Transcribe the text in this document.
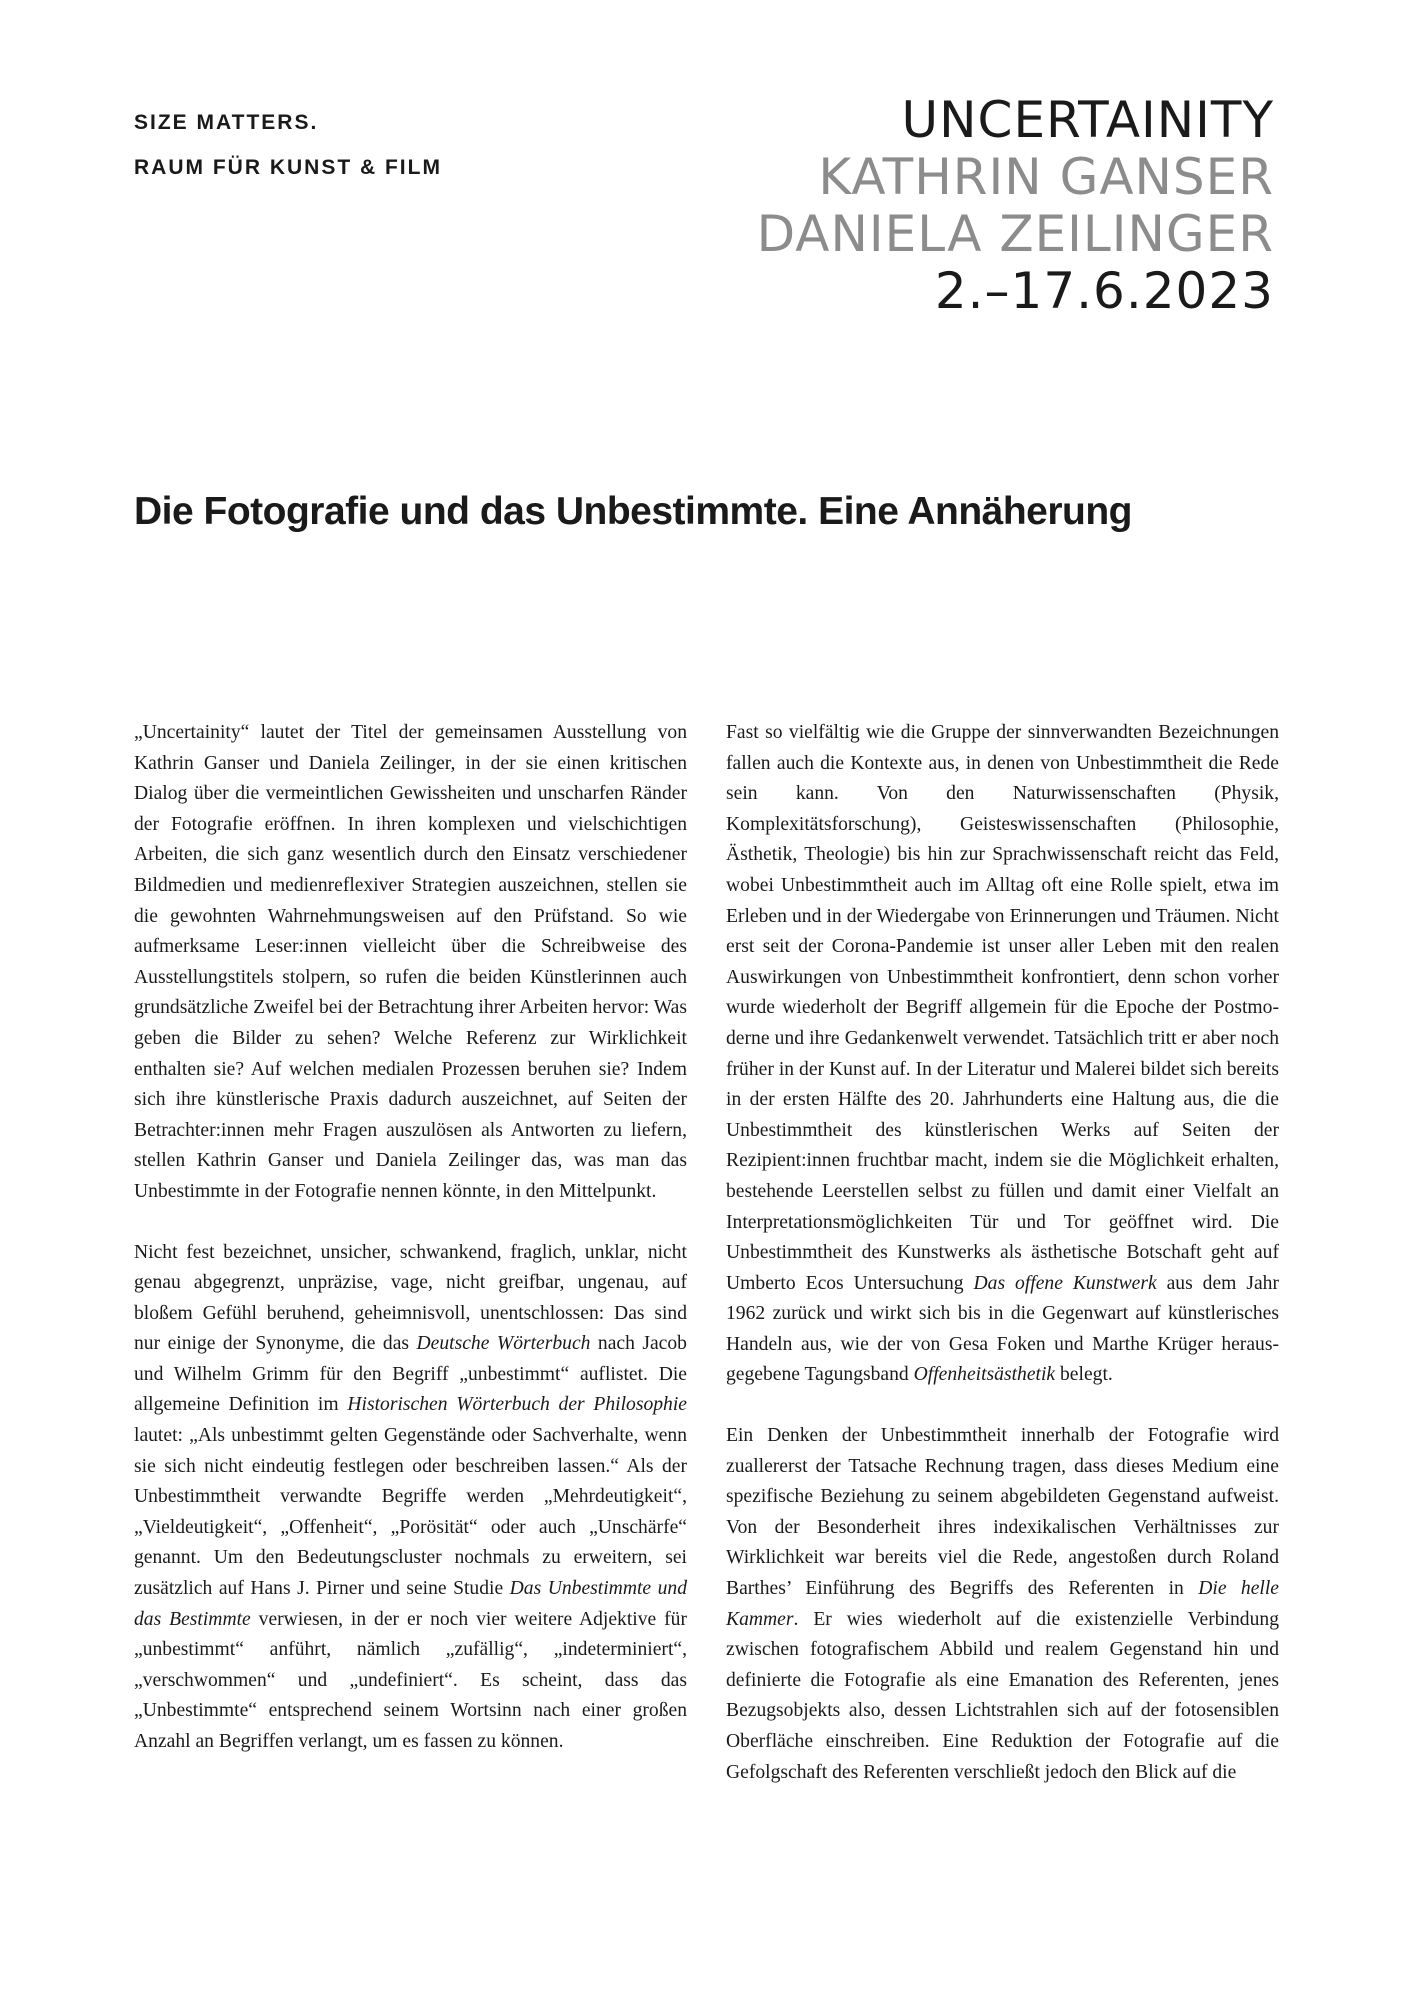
SIZE MATTERS.
RAUM FÜR KUNST & FILM
UNCERTAINITY
KATHRIN GANSER
DANIELA ZEILINGER
2.–17.6.2023
Die Fotografie und das Unbestimmte. Eine Annäherung

„Uncertainity“ lautet der Titel der gemeinsamen Ausstellung von Kathrin Ganser und Daniela Zeilinger, in der sie einen kritischen Dialog über die vermeintlichen Gewissheiten und unscharfen Ränder der Fotografie eröffnen. In ihren komplexen und vielschichtigen Arbeiten, die sich ganz wesentlich durch den Einsatz verschiedener Bildmedien und medienreflexiver Strategien auszeichnen, stellen sie die gewohnten Wahrnehmungsweisen auf den Prüfstand. So wie aufmerksame Leser:innen vielleicht über die Schreibweise des Ausstellungstitels stolpern, so rufen die beiden Künstlerinnen auch grundsätzliche Zweifel bei der Betrachtung ihrer Arbeiten hervor: Was geben die Bilder zu sehen? Welche Referenz zur Wirklichkeit enthalten sie? Auf welchen medialen Prozessen beruhen sie? Indem sich ihre künstlerische Praxis dadurch auszeichnet, auf Seiten der Betrachter:innen mehr Fragen auszulösen als Antworten zu liefern, stellen Kathrin Ganser und Daniela Zeilinger das, was man das Unbestimmte in der Fotografie nennen könnte, in den Mittelpunkt.

Nicht fest bezeichnet, unsicher, schwankend, fraglich, unklar, nicht genau abgegrenzt, unpräzise, vage, nicht greifbar, ungenau, auf bloßem Gefühl beruhend, geheimnisvoll, unentschlossen: Das sind nur einige der Synonyme, die das Deutsche Wörterbuch nach Jacob und Wilhelm Grimm für den Begriff „unbestimmt“ auflistet. Die allgemeine Definition im Historischen Wörterbuch der Philosophie lautet: „Als unbestimmt gelten Gegenstände oder Sachverhalte, wenn sie sich nicht eindeutig festlegen oder beschreiben lassen.“ Als der Unbestimmtheit verwandte Begriffe werden „Mehrdeutigkeit“, „Vieldeutigkeit“, „Offenheit“, „Porösität“ oder auch „Unschärfe“ genannt. Um den Bedeutungscluster nochmals zu erweitern, sei zusätzlich auf Hans J. Pirner und seine Studie Das Unbestimmte und das Bestimmte verwiesen, in der er noch vier weitere Adjektive für „unbestimmt“ anführt, nämlich „zufällig“, „indeterminiert“, „verschwommen“ und „undefiniert“. Es scheint, dass das „Unbestimmte“ entsprechend seinem Wortsinn nach einer großen Anzahl an Begriffen verlangt, um es fassen zu können.

Fast so vielfältig wie die Gruppe der sinnverwandten Bezeichnungen fallen auch die Kontexte aus, in denen von Unbestimmtheit die Rede sein kann. Von den Naturwissenschaften (Physik, Komplexitätsforschung), Geisteswissenschaften (Philosophie, Ästhetik, Theologie) bis hin zur Sprachwissenschaft reicht das Feld, wobei Unbestimmtheit auch im Alltag oft eine Rolle spielt, etwa im Erleben und in der Wiedergabe von Erinnerungen und Träumen. Nicht erst seit der Corona-Pandemie ist unser aller Leben mit den realen Auswirkungen von Unbestimmtheit konfrontiert, denn schon vorher wurde wiederholt der Begriff allgemein für die Epoche der Postmoderne und ihre Gedankenwelt verwendet. Tatsächlich tritt er aber noch früher in der Kunst auf. In der Literatur und Malerei bildet sich bereits in der ersten Hälfte des 20. Jahrhunderts eine Haltung aus, die die Unbestimmtheit des künstlerischen Werks auf Seiten der Rezipient:innen fruchtbar macht, indem sie die Möglichkeit erhalten, bestehende Leerstellen selbst zu füllen und damit einer Vielfalt an Interpretationsmöglichkeiten Tür und Tor geöffnet wird. Die Unbestimmtheit des Kunstwerks als ästhetische Botschaft geht auf Umberto Ecos Untersuchung Das offene Kunstwerk aus dem Jahr 1962 zurück und wirkt sich bis in die Gegenwart auf künstlerisches Handeln aus, wie der von Gesa Foken und Marthe Krüger herausgegebene Tagungsband Offenheitsästhetik belegt.

Ein Denken der Unbestimmtheit innerhalb der Fotografie wird zuallererst der Tatsache Rechnung tragen, dass dieses Medium eine spezifische Beziehung zu seinem abgebildeten Gegenstand aufweist. Von der Besonderheit ihres indexikalischen Verhältnisses zur Wirklichkeit war bereits viel die Rede, angestoßen durch Roland Barthes’ Einführung des Begriffs des Referenten in Die helle Kammer. Er wies wiederholt auf die existenzielle Verbindung zwischen fotografischem Abbild und realem Gegenstand hin und definierte die Fotografie als eine Emanation des Referenten, jenes Bezugsobjekts also, dessen Lichtstrahlen sich auf der fotosensiblen Oberfläche einschreiben. Eine Reduktion der Fotografie auf die Gefolgschaft des Referenten verschließt jedoch den Blick auf die
